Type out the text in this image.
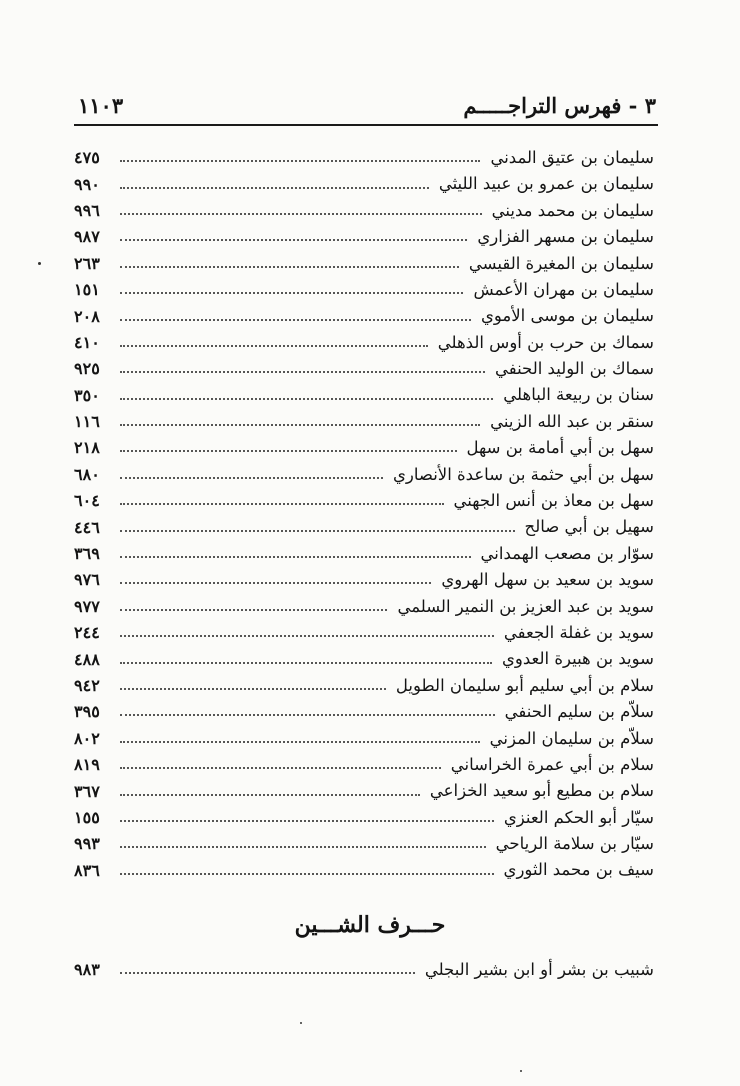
١١٠٣	٣ - فهرس التراجـــــم
سليمان بن عتيق المدني
٤٧٥
سليمان بن عمرو بن عبيد الليثي
٩٩٠
سليمان بن محمد مديني
٩٩٦
سليمان بن مسهر الفزاري
٩٨٧
سليمان بن المغيرة القيسي
٢٦٣
سليمان بن مهران الأعمش
١٥١
سليمان بن موسى الأموي
٢٠٨
سماك بن حرب بن أوس الذهلي
٤١٠
سماك بن الوليد الحنفي
٩٢٥
سنان بن ربيعة الباهلي
٣٥٠
سنقر بن عبد الله الزيني
١١٦
سهل بن أبي أمامة بن سهل
٢١٨
سهل بن أبي حثمة بن ساعدة الأنصاري
٦٨٠
سهل بن معاذ بن أنس الجهني
٦٠٤
سهيل بن أبي صالح
٤٤٦
سوّار بن مصعب الهمداني
٣٦٩
سويد بن سعيد بن سهل الهروي
٩٧٦
سويد بن عبد العزيز بن النمير السلمي
٩٧٧
سويد بن غفلة الجعفي
٢٤٤
سويد بن هبيرة العدوي
٤٨٨
سلام بن أبي سليم أبو سليمان الطويل
٩٤٢
سلاّم بن سليم الحنفي
٣٩٥
سلاّم بن سليمان المزني
٨٠٢
سلام بن أبي عمرة الخراساني
٨١٩
سلام بن مطيع أبو سعيد الخزاعي
٣٦٧
سيّار أبو الحكم العنزي
١٥٥
سيّار بن سلامة الرياحي
٩٩٣
سيف بن محمد الثوري
٨٣٦
حـــرف الشـــين
شبيب بن بشر أو ابن بشير البجلي
٩٨٣
